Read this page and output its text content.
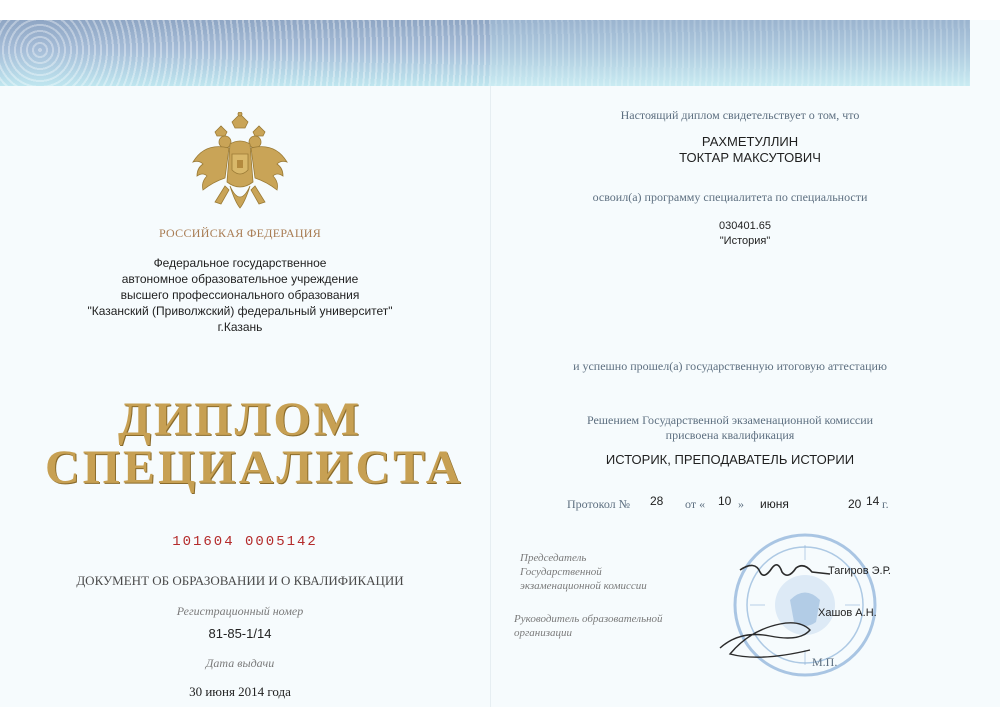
РОССИЙСКАЯ ФЕДЕРАЦИЯ
Федеральное государственное
автономное образовательное учреждение
высшего профессионального образования
"Казанский (Приволжский) федеральный университет"
г.Казань
ДИПЛОМ
СПЕЦИАЛИСТА
101604 0005142
ДОКУМЕНТ ОБ ОБРАЗОВАНИИ И О КВАЛИФИКАЦИИ
Регистрационный номер
81-85-1/14
Дата выдачи
30 июня 2014 года
Настоящий диплом свидетельствует о том, что
РАХМЕТУЛЛИН
ТОКТАР МАКСУТОВИЧ
освоил(а) программу специалитета по специальности
030401.65
"История"
и успешно прошел(а) государственную итоговую аттестацию
Решением Государственной экзаменационной комиссии
присвоена квалификация
ИСТОРИК, ПРЕПОДАВАТЕЛЬ ИСТОРИИ
Протокол № 28 от « 10 » июня	20 14 г.
Председатель
Государственной
экзаменационной комиссии
Тагиров Э.Р.
Руководитель образовательной
организации
Хашов А.Н.
М.П.
